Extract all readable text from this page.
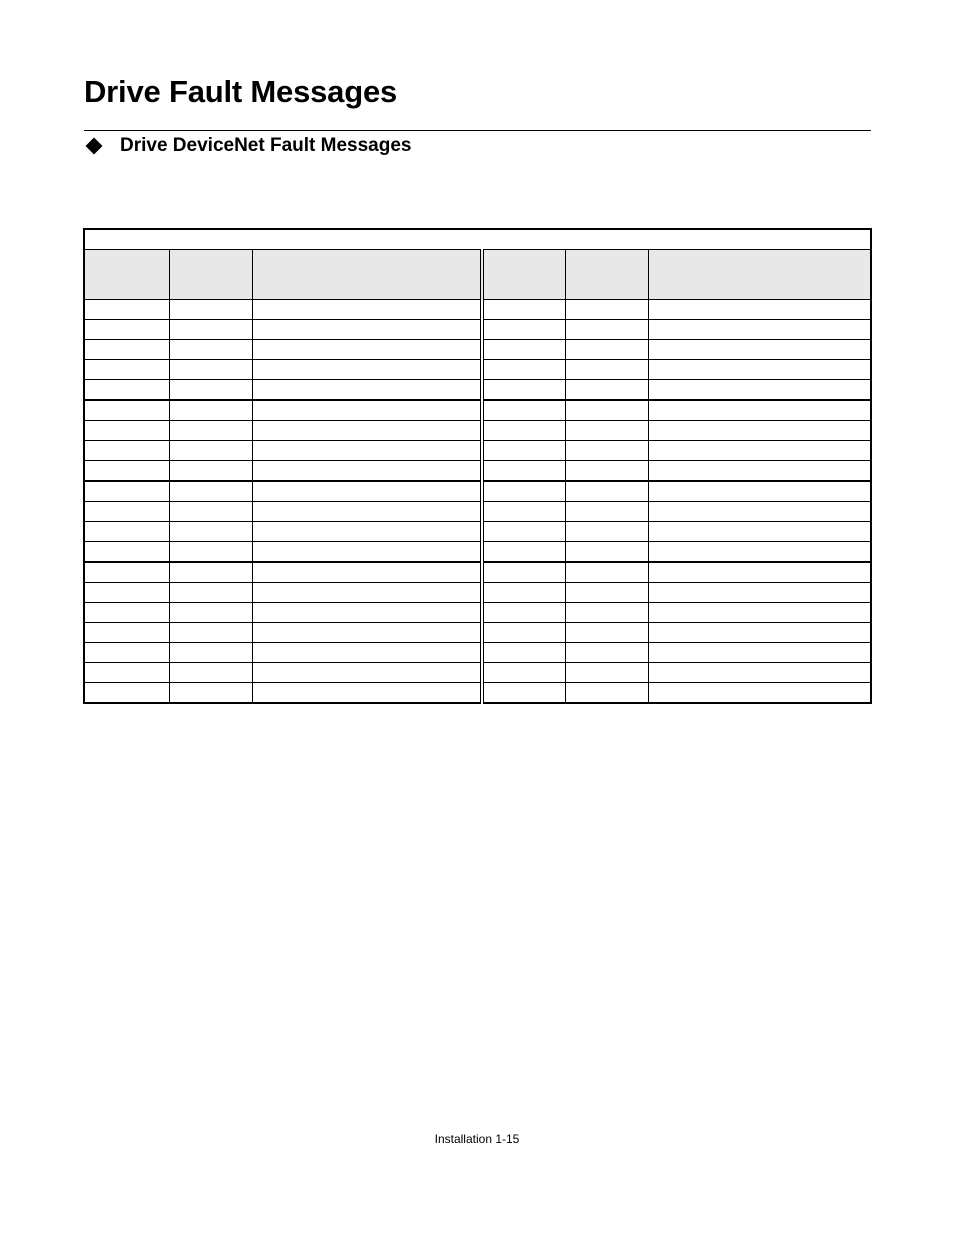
Drive Fault Messages
Drive DeviceNet Fault Messages

Installation 1-15
